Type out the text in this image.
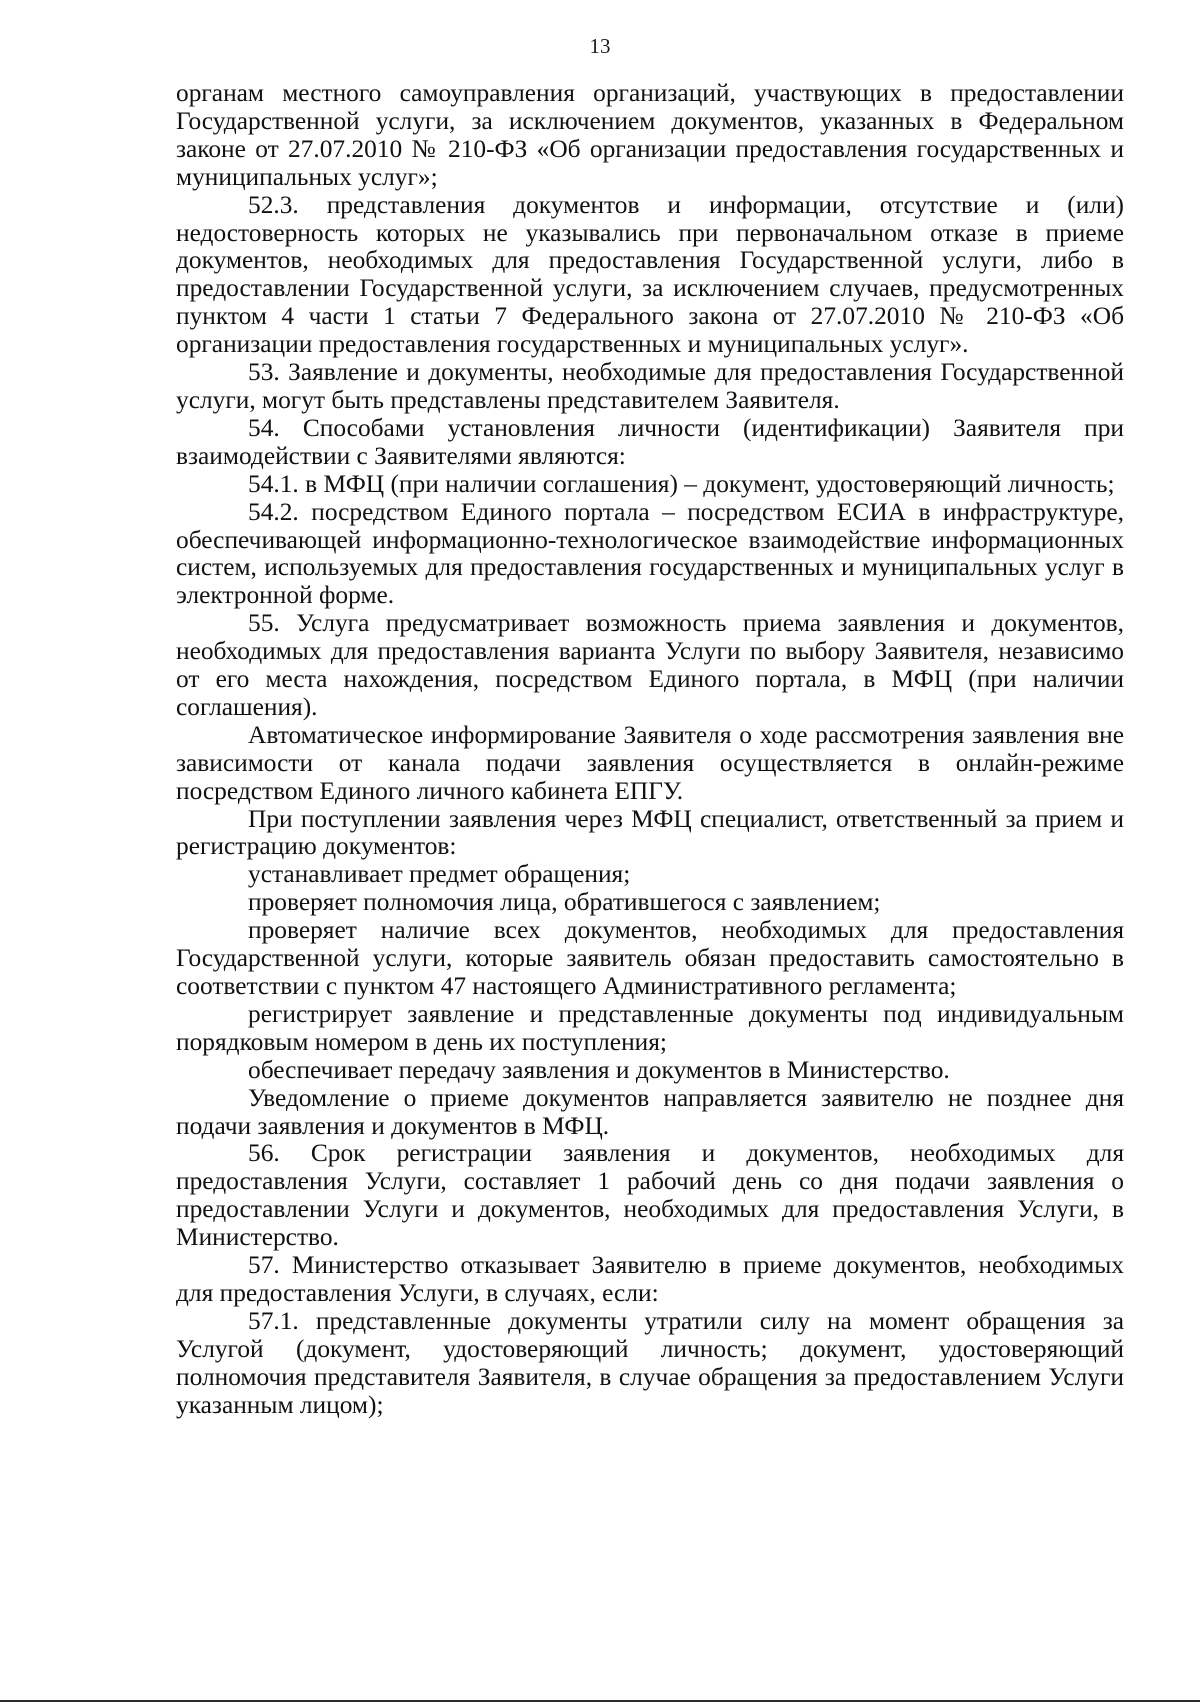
13

органам местного самоуправления организаций, участвующих в предоставлении Государственной услуги, за исключением документов, указанных в Федеральном законе от 27.07.2010 № 210-ФЗ «Об организации предоставления государственных и муниципальных услуг»;

52.3. представления документов и информации, отсутствие и (или) недостоверность которых не указывались при первоначальном отказе в приеме документов, необходимых для предоставления Государственной услуги, либо в предоставлении Государственной услуги, за исключением случаев, предусмотренных пунктом 4 части 1 статьи 7 Федерального закона от 27.07.2010 № 210-ФЗ «Об организации предоставления государственных и муниципальных услуг».

53. Заявление и документы, необходимые для предоставления Государственной услуги, могут быть представлены представителем Заявителя.

54. Способами установления личности (идентификации) Заявителя при взаимодействии с Заявителями являются:

54.1. в МФЦ (при наличии соглашения) – документ, удостоверяющий личность;

54.2. посредством Единого портала – посредством ЕСИА в инфраструктуре, обеспечивающей информационно-технологическое взаимодействие информационных систем, используемых для предоставления государственных и муниципальных услуг в электронной форме.

55. Услуга предусматривает возможность приема заявления и документов, необходимых для предоставления варианта Услуги по выбору Заявителя, независимо от его места нахождения, посредством Единого портала, в МФЦ (при наличии соглашения).

Автоматическое информирование Заявителя о ходе рассмотрения заявления вне зависимости от канала подачи заявления осуществляется в онлайн-режиме посредством Единого личного кабинета ЕПГУ.

При поступлении заявления через МФЦ специалист, ответственный за прием и регистрацию документов:

устанавливает предмет обращения;

проверяет полномочия лица, обратившегося с заявлением;

проверяет наличие всех документов, необходимых для предоставления Государственной услуги, которые заявитель обязан предоставить самостоятельно в соответствии с пунктом 47 настоящего Административного регламента;

регистрирует заявление и представленные документы под индивидуальным порядковым номером в день их поступления;

обеспечивает передачу заявления и документов в Министерство.

Уведомление о приеме документов направляется заявителю не позднее дня подачи заявления и документов в МФЦ.

56. Срок регистрации заявления и документов, необходимых для предоставления Услуги, составляет 1 рабочий день со дня подачи заявления о предоставлении Услуги и документов, необходимых для предоставления Услуги, в Министерство.

57. Министерство отказывает Заявителю в приеме документов, необходимых для предоставления Услуги, в случаях, если:

57.1. представленные документы утратили силу на момент обращения за Услугой (документ, удостоверяющий личность; документ, удостоверяющий полномочия представителя Заявителя, в случае обращения за предоставлением Услуги указанным лицом);
